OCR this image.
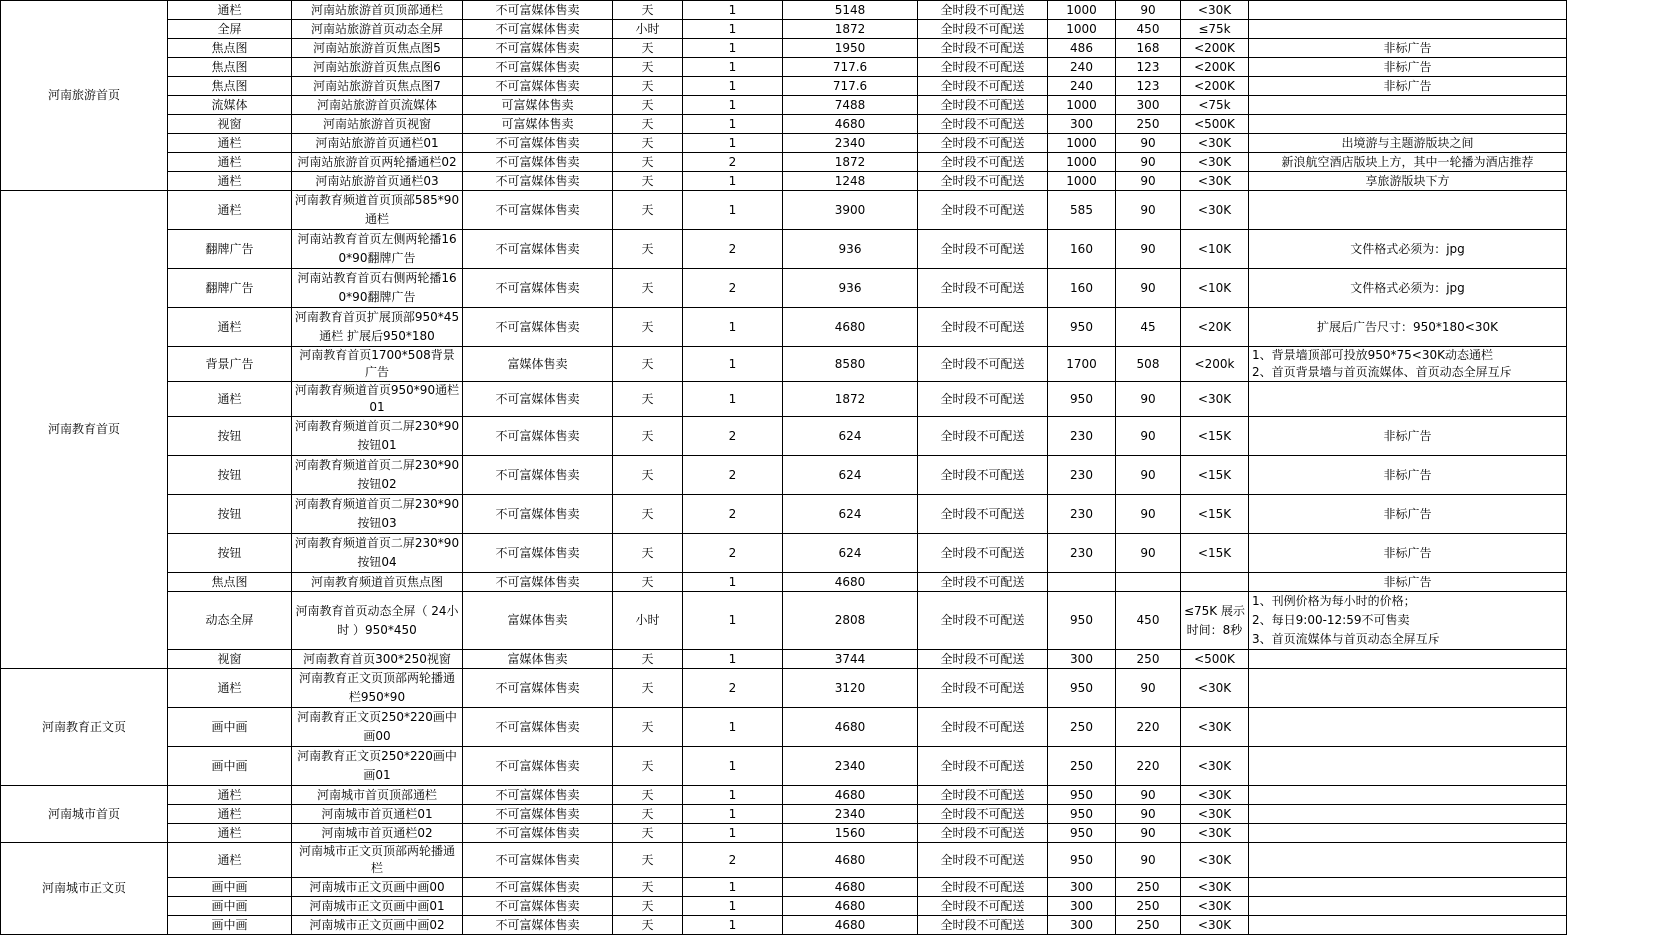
河南旅游首页	通栏	河南站旅游首页顶部通栏	不可富媒体售卖	天	1	5148	全时段不可配送	1000	90	<30K	
	全屏	河南站旅游首页动态全屏	不可富媒体售卖	小时	1	1872	全时段不可配送	1000	450	≤75k	
	焦点图	河南站旅游首页焦点图5	不可富媒体售卖	天	1	1950	全时段不可配送	486	168	<200K	非标广告
	焦点图	河南站旅游首页焦点图6	不可富媒体售卖	天	1	717.6	全时段不可配送	240	123	<200K	非标广告
	焦点图	河南站旅游首页焦点图7	不可富媒体售卖	天	1	717.6	全时段不可配送	240	123	<200K	非标广告
	流媒体	河南站旅游首页流媒体	可富媒体售卖	天	1	7488	全时段不可配送	1000	300	<75k	
	视窗	河南站旅游首页视窗	可富媒体售卖	天	1	4680	全时段不可配送	300	250	<500K	
	通栏	河南站旅游首页通栏01	不可富媒体售卖	天	1	2340	全时段不可配送	1000	90	<30K	出境游与主题游版块之间
	通栏	河南站旅游首页两轮播通栏02	不可富媒体售卖	天	2	1872	全时段不可配送	1000	90	<30K	新浪航空酒店版块上方，其中一轮播为酒店推荐
	通栏	河南站旅游首页通栏03	不可富媒体售卖	天	1	1248	全时段不可配送	1000	90	<30K	享旅游版块下方
河南教育首页	通栏	河南教育频道首页顶部585*90通栏	不可富媒体售卖	天	1	3900	全时段不可配送	585	90	<30K	
	翻牌广告	河南站教育首页左侧两轮播160*90翻牌广告	不可富媒体售卖	天	2	936	全时段不可配送	160	90	<10K	文件格式必须为：jpg
	翻牌广告	河南站教育首页右侧两轮播160*90翻牌广告	不可富媒体售卖	天	2	936	全时段不可配送	160	90	<10K	文件格式必须为：jpg
	通栏	河南教育首页扩展顶部950*45通栏 扩展后950*180	不可富媒体售卖	天	1	4680	全时段不可配送	950	45	<20K	扩展后广告尺寸：950*180<30K
	背景广告	河南教育首页1700*508背景广告	富媒体售卖	天	1	8580	全时段不可配送	1700	508	<200k	1、背景墙顶部可投放950*75<30K动态通栏
2、首页背景墙与首页流媒体、首页动态全屏互斥
	通栏	河南教育频道首页950*90通栏01	不可富媒体售卖	天	1	1872	全时段不可配送	950	90	<30K	
	按钮	河南教育频道首页二屏230*90按钮01	不可富媒体售卖	天	2	624	全时段不可配送	230	90	<15K	非标广告
	按钮	河南教育频道首页二屏230*90按钮02	不可富媒体售卖	天	2	624	全时段不可配送	230	90	<15K	非标广告
	按钮	河南教育频道首页二屏230*90按钮03	不可富媒体售卖	天	2	624	全时段不可配送	230	90	<15K	非标广告
	按钮	河南教育频道首页二屏230*90按钮04	不可富媒体售卖	天	2	624	全时段不可配送	230	90	<15K	非标广告
	焦点图	河南教育频道首页焦点图	不可富媒体售卖	天	1	4680	全时段不可配送				非标广告
	动态全屏	河南教育首页动态全屏（ 24小时 ）950*450	富媒体售卖	小时	1	2808	全时段不可配送	950	450	≤75K 展示时间：8秒	1、刊例价格为每小时的价格；
2、每日9:00-12:59不可售卖
3、首页流媒体与首页动态全屏互斥
	视窗	河南教育首页300*250视窗	富媒体售卖	天	1	3744	全时段不可配送	300	250	<500K	
河南教育正文页	通栏	河南教育正文页顶部两轮播通栏950*90	不可富媒体售卖	天	2	3120	全时段不可配送	950	90	<30K	
	画中画	河南教育正文页250*220画中画00	不可富媒体售卖	天	1	4680	全时段不可配送	250	220	<30K	
	画中画	河南教育正文页250*220画中画01	不可富媒体售卖	天	1	2340	全时段不可配送	250	220	<30K	
河南城市首页	通栏	河南城市首页顶部通栏	不可富媒体售卖	天	1	4680	全时段不可配送	950	90	<30K	
	通栏	河南城市首页通栏01	不可富媒体售卖	天	1	2340	全时段不可配送	950	90	<30K	
	通栏	河南城市首页通栏02	不可富媒体售卖	天	1	1560	全时段不可配送	950	90	<30K	
河南城市正文页	通栏	河南城市正文页顶部两轮播通栏	不可富媒体售卖	天	2	4680	全时段不可配送	950	90	<30K	
	画中画	河南城市正文页画中画00	不可富媒体售卖	天	1	4680	全时段不可配送	300	250	<30K	
	画中画	河南城市正文页画中画01	不可富媒体售卖	天	1	4680	全时段不可配送	300	250	<30K	
	画中画	河南城市正文页画中画02	不可富媒体售卖	天	1	4680	全时段不可配送	300	250	<30K	
